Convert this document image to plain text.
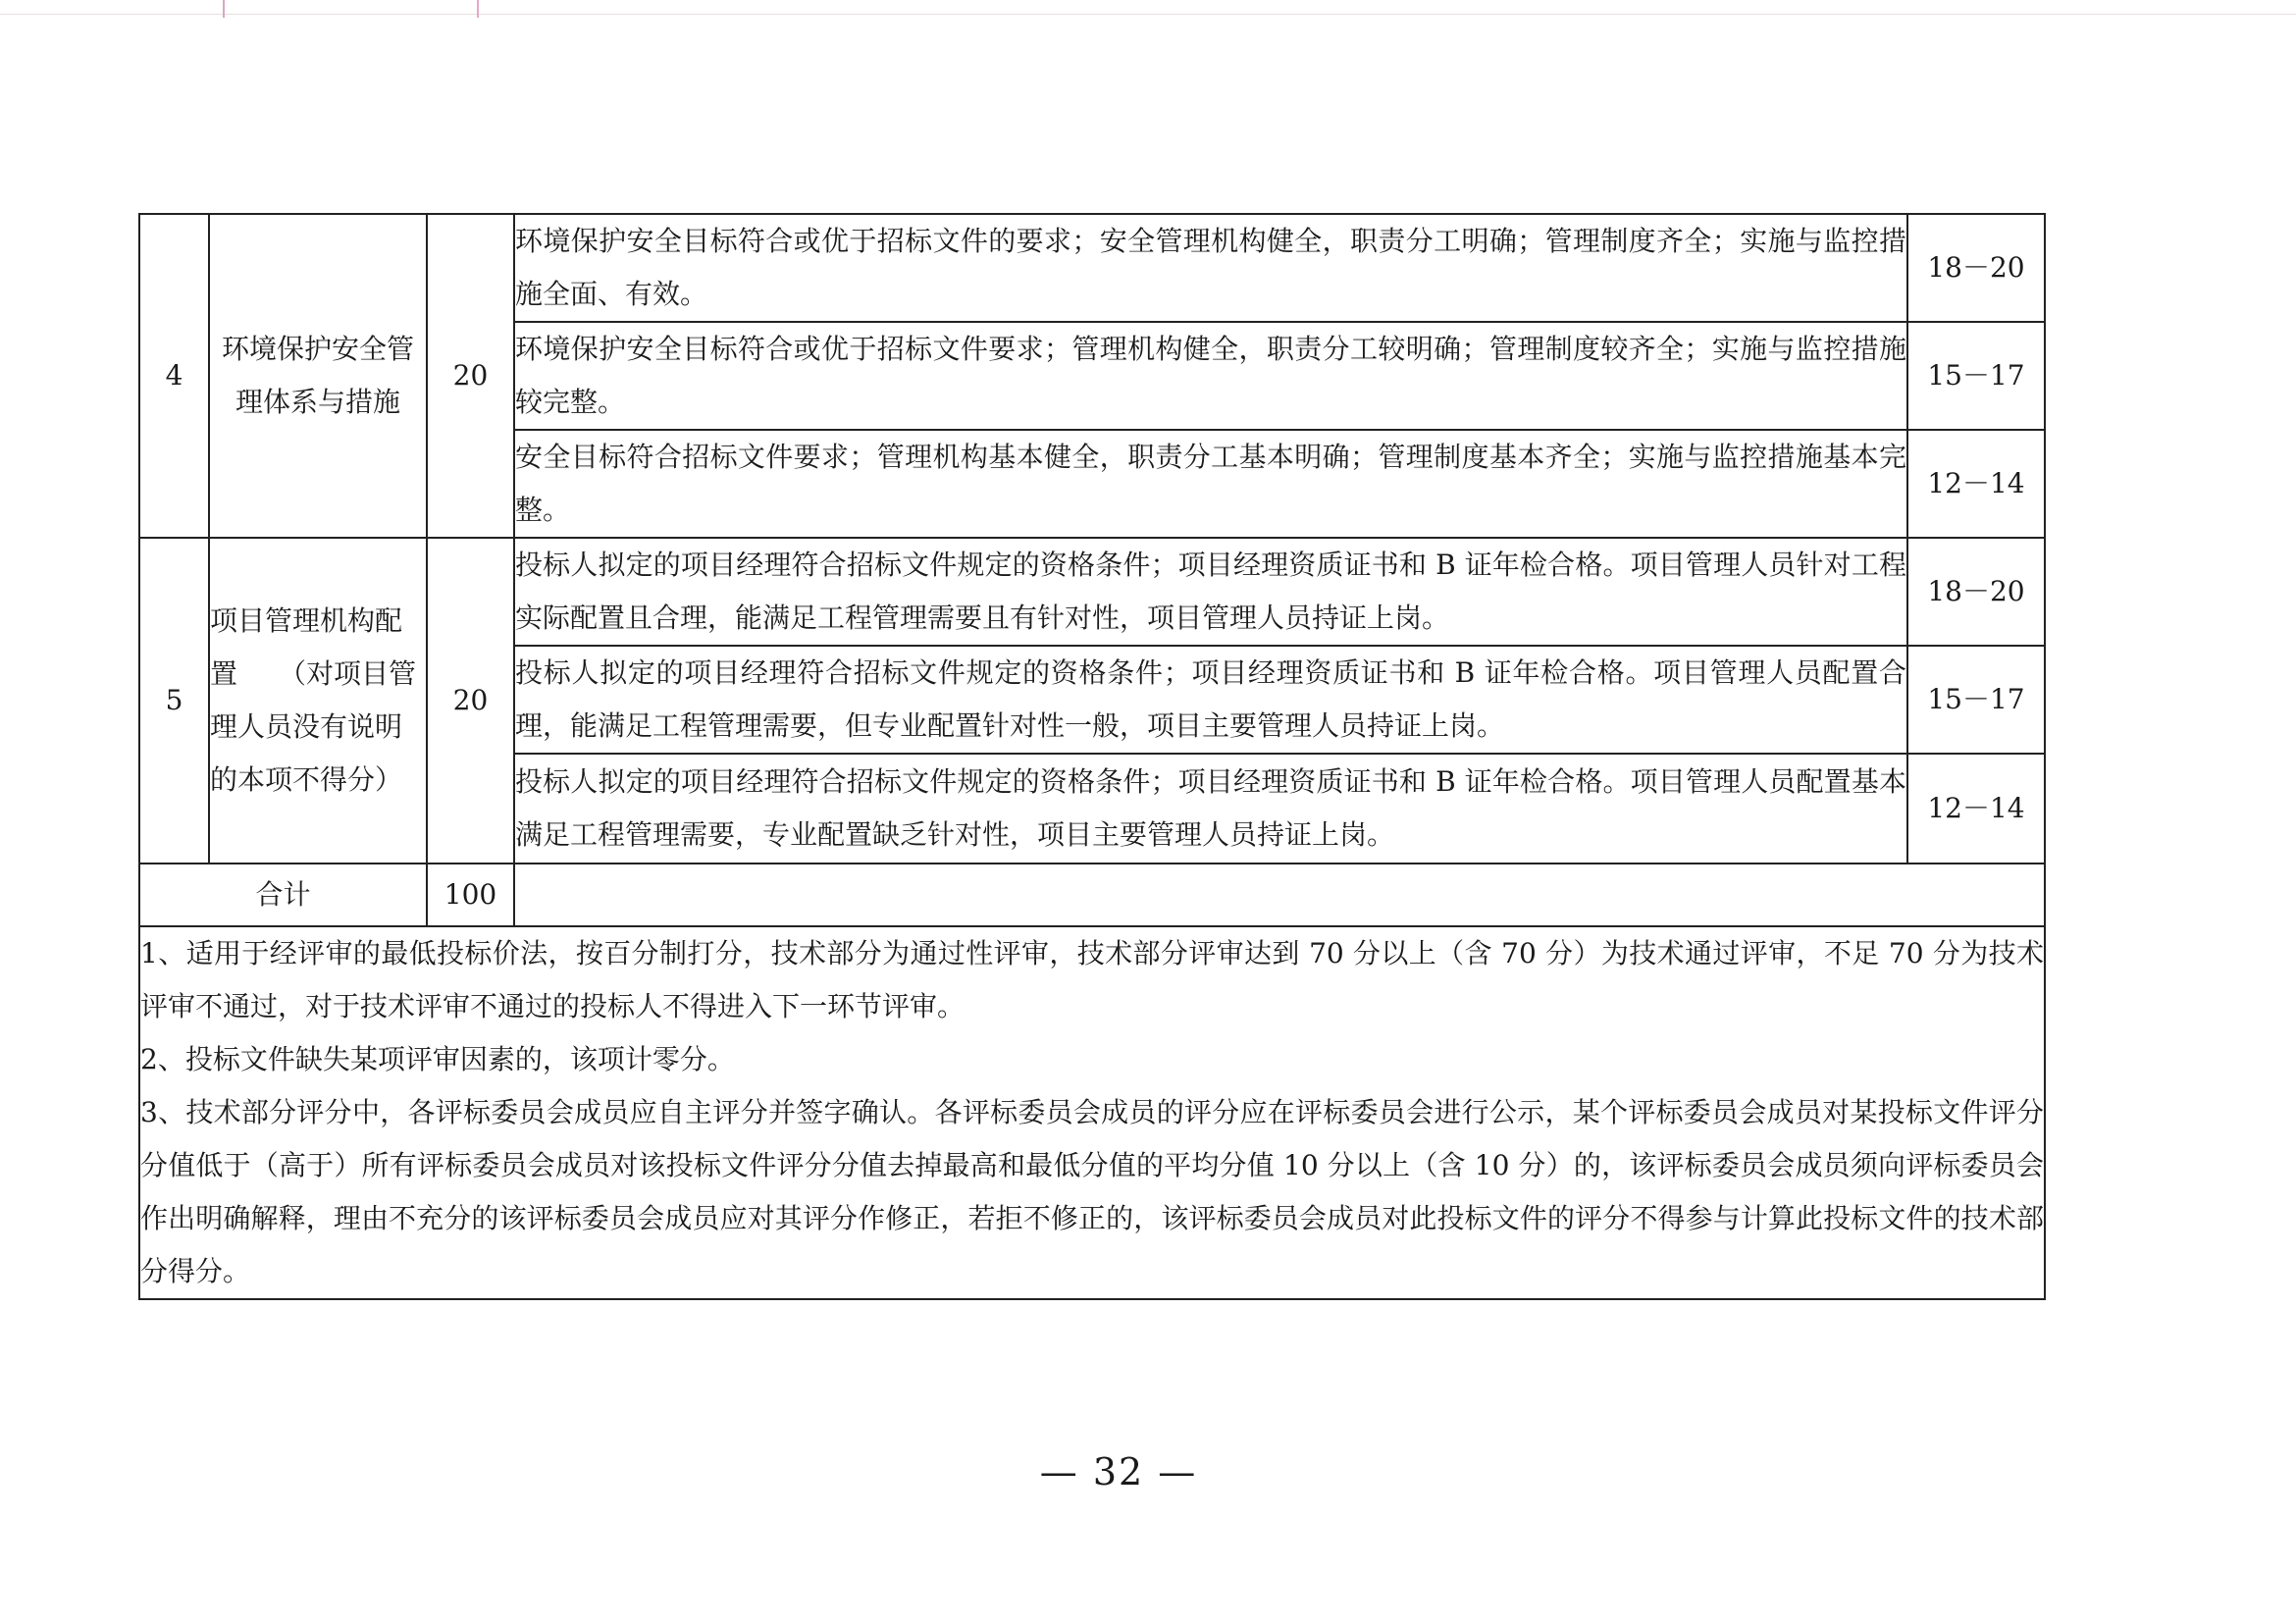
4	环境保护安全管理体系与措施	20	环境保护安全目标符合或优于招标文件的要求；安全管理机构健全，职责分工明确；管理制度齐全；实施与监控措施全面、有效。	18－20
			环境保护安全目标符合或优于招标文件要求；管理机构健全，职责分工较明确；管理制度较齐全；实施与监控措施较完整。	15－17
			安全目标符合招标文件要求；管理机构基本健全，职责分工基本明确；管理制度基本齐全；实施与监控措施基本完整。	12－14
5	项目管理机构配置　　（对项目管理人员没有说明的本项不得分）	20	投标人拟定的项目经理符合招标文件规定的资格条件；项目经理资质证书和 B 证年检合格。项目管理人员针对工程实际配置且合理，能满足工程管理需要且有针对性，项目管理人员持证上岗。	18－20
			投标人拟定的项目经理符合招标文件规定的资格条件；项目经理资质证书和 B 证年检合格。项目管理人员配置合理，能满足工程管理需要，但专业配置针对性一般，项目主要管理人员持证上岗。	15－17
			投标人拟定的项目经理符合招标文件规定的资格条件；项目经理资质证书和 B 证年检合格。项目管理人员配置基本满足工程管理需要，专业配置缺乏针对性，项目主要管理人员持证上岗。	12－14
合计		100		

1、适用于经评审的最低投标价法，按百分制打分，技术部分为通过性评审，技术部分评审达到 70 分以上（含 70 分）为技术通过评审，不足 70 分为技术评审不通过，对于技术评审不通过的投标人不得进入下一环节评审。
2、投标文件缺失某项评审因素的，该项计零分。
3、技术部分评分中，各评标委员会成员应自主评分并签字确认。各评标委员会成员的评分应在评标委员会进行公示，某个评标委员会成员对某投标文件评分分值低于（高于）所有评标委员会成员对该投标文件评分分值去掉最高和最低分值的平均分值 10 分以上（含 10 分）的，该评标委员会成员须向评标委员会作出明确解释，理由不充分的该评标委员会成员应对其评分作修正，若拒不修正的，该评标委员会成员对此投标文件的评分不得参与计算此投标文件的技术部分得分。				
— 32 —
